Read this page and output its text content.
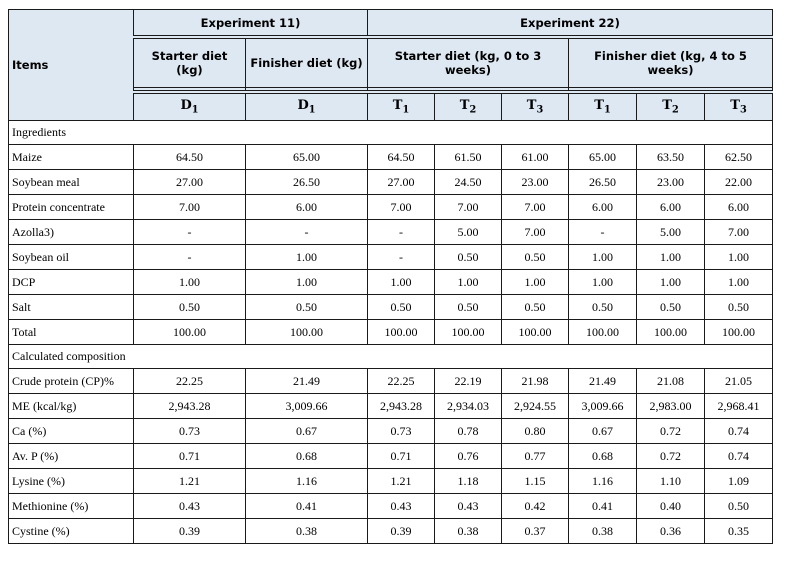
Items	Experiment 11)		Experiment 22)					
	Starter diet (kg)	Finisher diet (kg)	Starter diet (kg, 0 to 3 weeks)			Finisher diet (kg, 4 to 5 weeks)		

	$D_1$	$D_1$	$T_1$	$T_2$	$T_3$	$T_1$	$T_2$	$T_3$
Ingredients								
Maize	64.50	65.00	64.50	61.50	61.00	65.00	63.50	62.50
Soybean meal	27.00	26.50	27.00	24.50	23.00	26.50	23.00	22.00
Protein concentrate	7.00	6.00	7.00	7.00	7.00	6.00	6.00	6.00
Azolla3)	-	-	-	5.00	7.00	-	5.00	7.00
Soybean oil	-	1.00	-	0.50	0.50	1.00	1.00	1.00
DCP	1.00	1.00	1.00	1.00	1.00	1.00	1.00	1.00
Salt	0.50	0.50	0.50	0.50	0.50	0.50	0.50	0.50
Total	100.00	100.00	100.00	100.00	100.00	100.00	100.00	100.00
Calculated composition								
Crude protein (CP)%	22.25	21.49	22.25	22.19	21.98	21.49	21.08	21.05
ME (kcal/kg)	2,943.28	3,009.66	2,943.28	2,934.03	2,924.55	3,009.66	2,983.00	2,968.41
Ca (%)	0.73	0.67	0.73	0.78	0.80	0.67	0.72	0.74
Av. P (%)	0.71	0.68	0.71	0.76	0.77	0.68	0.72	0.74
Lysine (%)	1.21	1.16	1.21	1.18	1.15	1.16	1.10	1.09
Methionine (%)	0.43	0.41	0.43	0.43	0.42	0.41	0.40	0.50
Cystine (%)	0.39	0.38	0.39	0.38	0.37	0.38	0.36	0.35
